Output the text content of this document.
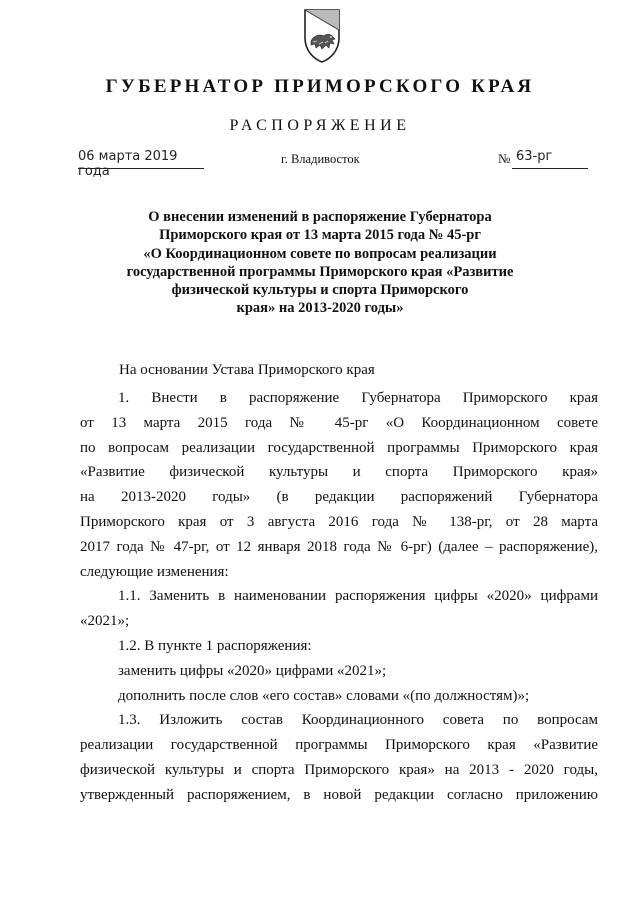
ГУБЕРНАТОР ПРИМОРСКОГО КРАЯ
РАСПОРЯЖЕНИЕ
06 марта 2019 года
г. Владивосток	№ 63-рг
О внесении изменений в распоряжение Губернатора
Приморского края от 13 марта 2015 года № 45-рг
«О Координационном совете по вопросам реализации
государственной программы Приморского края «Развитие
физической культуры и спорта Приморского
края» на 2013-2020 годы»
На основании Устава Приморского края
1. Внести в распоряжение Губернатора Приморского края
от 13 марта 2015 года № 45-рг «О Координационном совете
по вопросам реализации государственной программы Приморского края
«Развитие физической культуры и спорта Приморского края»
на 2013-2020 годы» (в редакции распоряжений Губернатора
Приморского края от 3 августа 2016 года № 138-рг, от 28 марта
2017 года № 47-рг, от 12 января 2018 года № 6-рг) (далее – распоряжение),
следующие изменения:
1.1. Заменить в наименовании распоряжения цифры «2020» цифрами
«2021»;
1.2. В пункте 1 распоряжения:
заменить цифры «2020» цифрами «2021»;
дополнить после слов «его состав» словами «(по должностям)»;
1.3. Изложить состав Координационного совета по вопросам
реализации государственной программы Приморского края «Развитие
физической культуры и спорта Приморского края» на 2013 - 2020 годы,
утвержденный распоряжением, в новой редакции согласно приложению
